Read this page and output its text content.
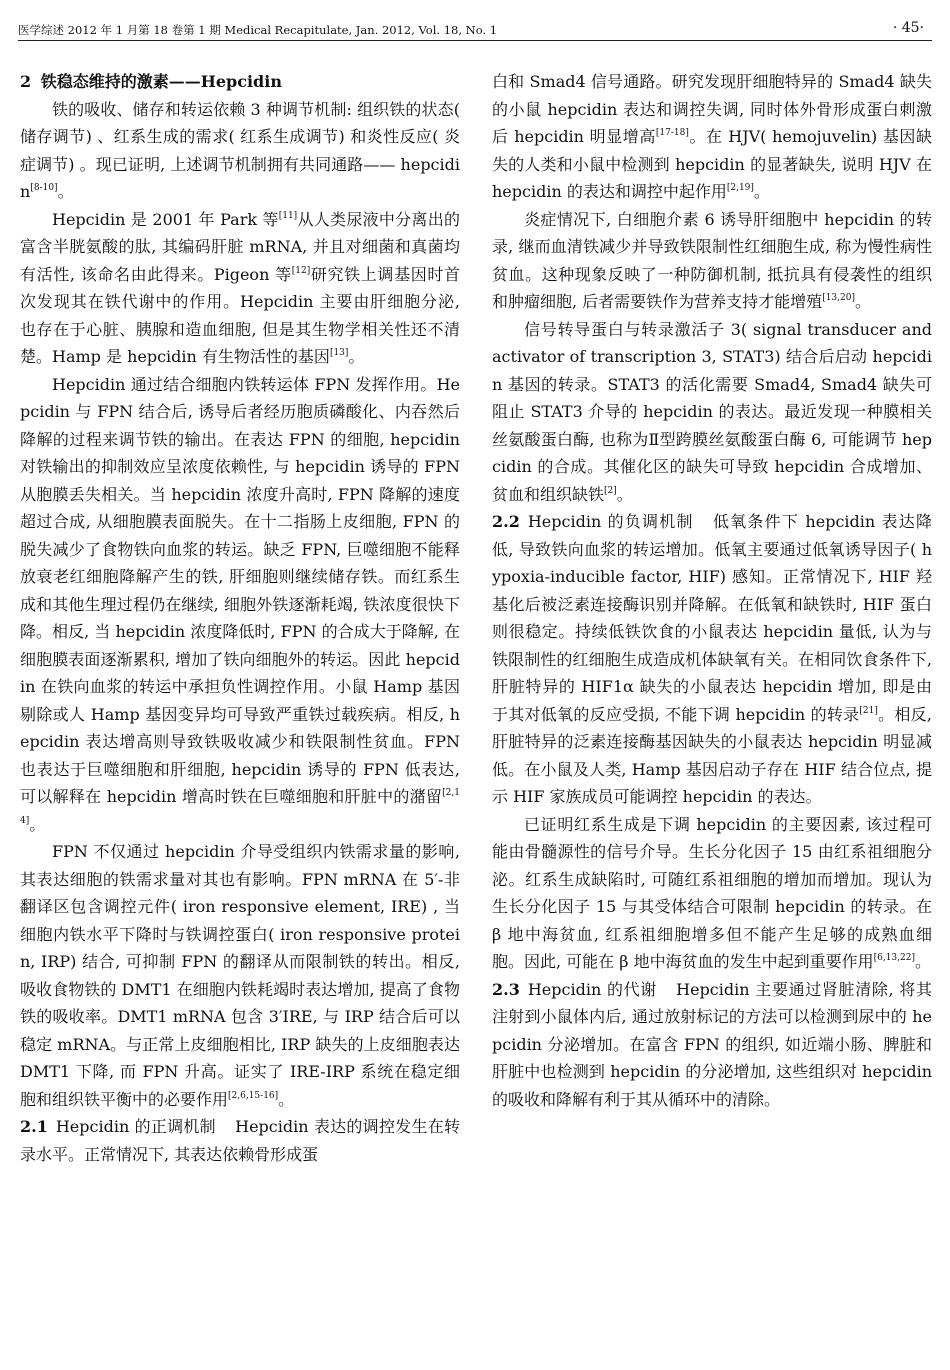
医学综述 2012 年 1 月第 18 卷第 1 期 Medical Recapitulate, Jan. 2012, Vol. 18, No. 1	· 45·

2 铁稳态维持的激素——Hepcidin

铁的吸收、储存和转运依赖 3 种调节机制: 组织铁的状态( 储存调节) 、红系生成的需求( 红系生成调节) 和炎性反应( 炎症调节) 。现已证明, 上述调节机制拥有共同通路—— hepcidin[8-10]。

Hepcidin 是 2001 年 Park 等[11]从人类尿液中分离出的富含半胱氨酸的肽, 其编码肝脏 mRNA, 并且对细菌和真菌均有活性, 该命名由此得来。Pigeon 等[12]研究铁上调基因时首次发现其在铁代谢中的作用。Hepcidin 主要由肝细胞分泌, 也存在于心脏、胰腺和造血细胞, 但是其生物学相关性还不清楚。Hamp 是 hepcidin 有生物活性的基因[13]。

Hepcidin 通过结合细胞内铁转运体 FPN 发挥作用。Hepcidin 与 FPN 结合后, 诱导后者经历胞质磷酸化、内吞然后降解的过程来调节铁的输出。在表达 FPN 的细胞, hepcidin 对铁输出的抑制效应呈浓度依赖性, 与 hepcidin 诱导的 FPN 从胞膜丢失相关。当 hepcidin 浓度升高时, FPN 降解的速度超过合成, 从细胞膜表面脱失。在十二指肠上皮细胞, FPN 的脱失减少了食物铁向血浆的转运。缺乏 FPN, 巨噬细胞不能释放衰老红细胞降解产生的铁, 肝细胞则继续储存铁。而红系生成和其他生理过程仍在继续, 细胞外铁逐渐耗竭, 铁浓度很快下降。相反, 当 hepcidin 浓度降低时, FPN 的合成大于降解, 在细胞膜表面逐渐累积, 增加了铁向细胞外的转运。因此 hepcidin 在铁向血浆的转运中承担负性调控作用。小鼠 Hamp 基因剔除或人 Hamp 基因变异均可导致严重铁过载疾病。相反, hepcidin 表达增高则导致铁吸收减少和铁限制性贫血。FPN 也表达于巨噬细胞和肝细胞, hepcidin 诱导的 FPN 低表达, 可以解释在 hepcidin 增高时铁在巨噬细胞和肝脏中的潴留[2,14]。

FPN 不仅通过 hepcidin 介导受组织内铁需求量的影响, 其表达细胞的铁需求量对其也有影响。FPN mRNA 在 5′-非翻译区包含调控元件( iron responsive element, IRE) , 当细胞内铁水平下降时与铁调控蛋白( iron responsive protein, IRP) 结合, 可抑制 FPN 的翻译从而限制铁的转出。相反, 吸收食物铁的 DMT1 在细胞内铁耗竭时表达增加, 提高了食物铁的吸收率。DMT1 mRNA 包含 3′IRE, 与 IRP 结合后可以稳定 mRNA。与正常上皮细胞相比, IRP 缺失的上皮细胞表达 DMT1 下降, 而 FPN 升高。证实了 IRE-IRP 系统在稳定细胞和组织铁平衡中的必要作用[2,6,15-16]。

2.1 Hepcidin 的正调机制 Hepcidin 表达的调控发生在转录水平。正常情况下, 其表达依赖骨形成蛋

白和 Smad4 信号通路。研究发现肝细胞特异的 Smad4 缺失的小鼠 hepcidin 表达和调控失调, 同时体外骨形成蛋白刺激后 hepcidin 明显增高[17-18]。在 HJV( hemojuvelin) 基因缺失的人类和小鼠中检测到 hepcidin 的显著缺失, 说明 HJV 在 hepcidin 的表达和调控中起作用[2,19]。

炎症情况下, 白细胞介素 6 诱导肝细胞中 hepcidin 的转录, 继而血清铁减少并导致铁限制性红细胞生成, 称为慢性病性贫血。这种现象反映了一种防御机制, 抵抗具有侵袭性的组织和肿瘤细胞, 后者需要铁作为营养支持才能增殖[13,20]。

信号转导蛋白与转录激活子 3( signal transducer and activator of transcription 3, STAT3) 结合后启动 hepcidin 基因的转录。STAT3 的活化需要 Smad4, Smad4 缺失可阻止 STAT3 介导的 hepcidin 的表达。最近发现一种膜相关丝氨酸蛋白酶, 也称为Ⅱ型跨膜丝氨酸蛋白酶 6, 可能调节 hepcidin 的合成。其催化区的缺失可导致 hepcidin 合成增加、贫血和组织缺铁[2]。

2.2 Hepcidin 的负调机制 低氧条件下 hepcidin 表达降低, 导致铁向血浆的转运增加。低氧主要通过低氧诱导因子( hypoxia-inducible factor, HIF) 感知。正常情况下, HIF 羟基化后被泛素连接酶识别并降解。在低氧和缺铁时, HIF 蛋白则很稳定。持续低铁饮食的小鼠表达 hepcidin 量低, 认为与铁限制性的红细胞生成造成机体缺氧有关。在相同饮食条件下, 肝脏特异的 HIF1α 缺失的小鼠表达 hepcidin 增加, 即是由于其对低氧的反应受损, 不能下调 hepcidin 的转录[21]。相反, 肝脏特异的泛素连接酶基因缺失的小鼠表达 hepcidin 明显减低。在小鼠及人类, Hamp 基因启动子存在 HIF 结合位点, 提示 HIF 家族成员可能调控 hepcidin 的表达。

已证明红系生成是下调 hepcidin 的主要因素, 该过程可能由骨髓源性的信号介导。生长分化因子 15 由红系祖细胞分泌。红系生成缺陷时, 可随红系祖细胞的增加而增加。现认为生长分化因子 15 与其受体结合可限制 hepcidin 的转录。在 β 地中海贫血, 红系祖细胞增多但不能产生足够的成熟血细胞。因此, 可能在 β 地中海贫血的发生中起到重要作用[6,13,22]。

2.3 Hepcidin 的代谢 Hepcidin 主要通过肾脏清除, 将其注射到小鼠体内后, 通过放射标记的方法可以检测到尿中的 hepcidin 分泌增加。在富含 FPN 的组织, 如近端小肠、脾脏和肝脏中也检测到 hepcidin 的分泌增加, 这些组织对 hepcidin 的吸收和降解有利于其从循环中的清除。
